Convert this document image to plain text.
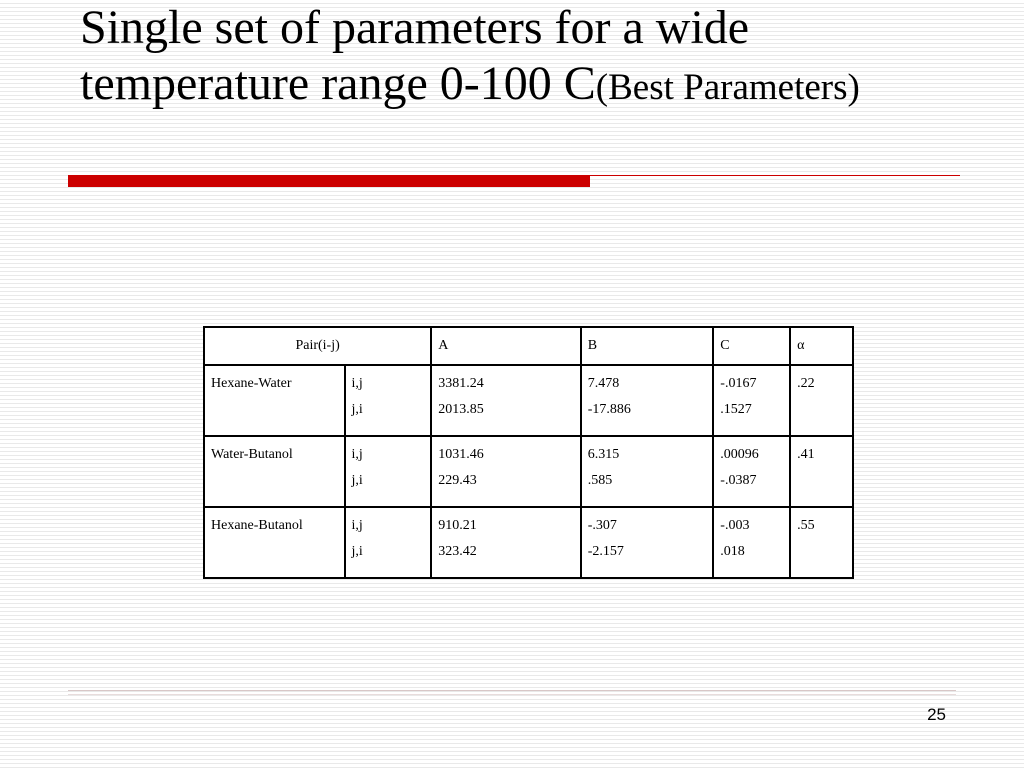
Single set of parameters for a wide temperature range 0-100 C(Best Parameters)
Pair(i-j)		A	B	C	α
Hexane-Water	i,j	3381.24	7.478	-.0167	.22
	j,i	2013.85	-17.886	.1527	
Water-Butanol	i,j	1031.46	6.315	.00096	.41
	j,i	229.43	.585	-.0387	
Hexane-Butanol	i,j	910.21	-.307	-.003	.55
	j,i	323.42	-2.157	.018	
25
